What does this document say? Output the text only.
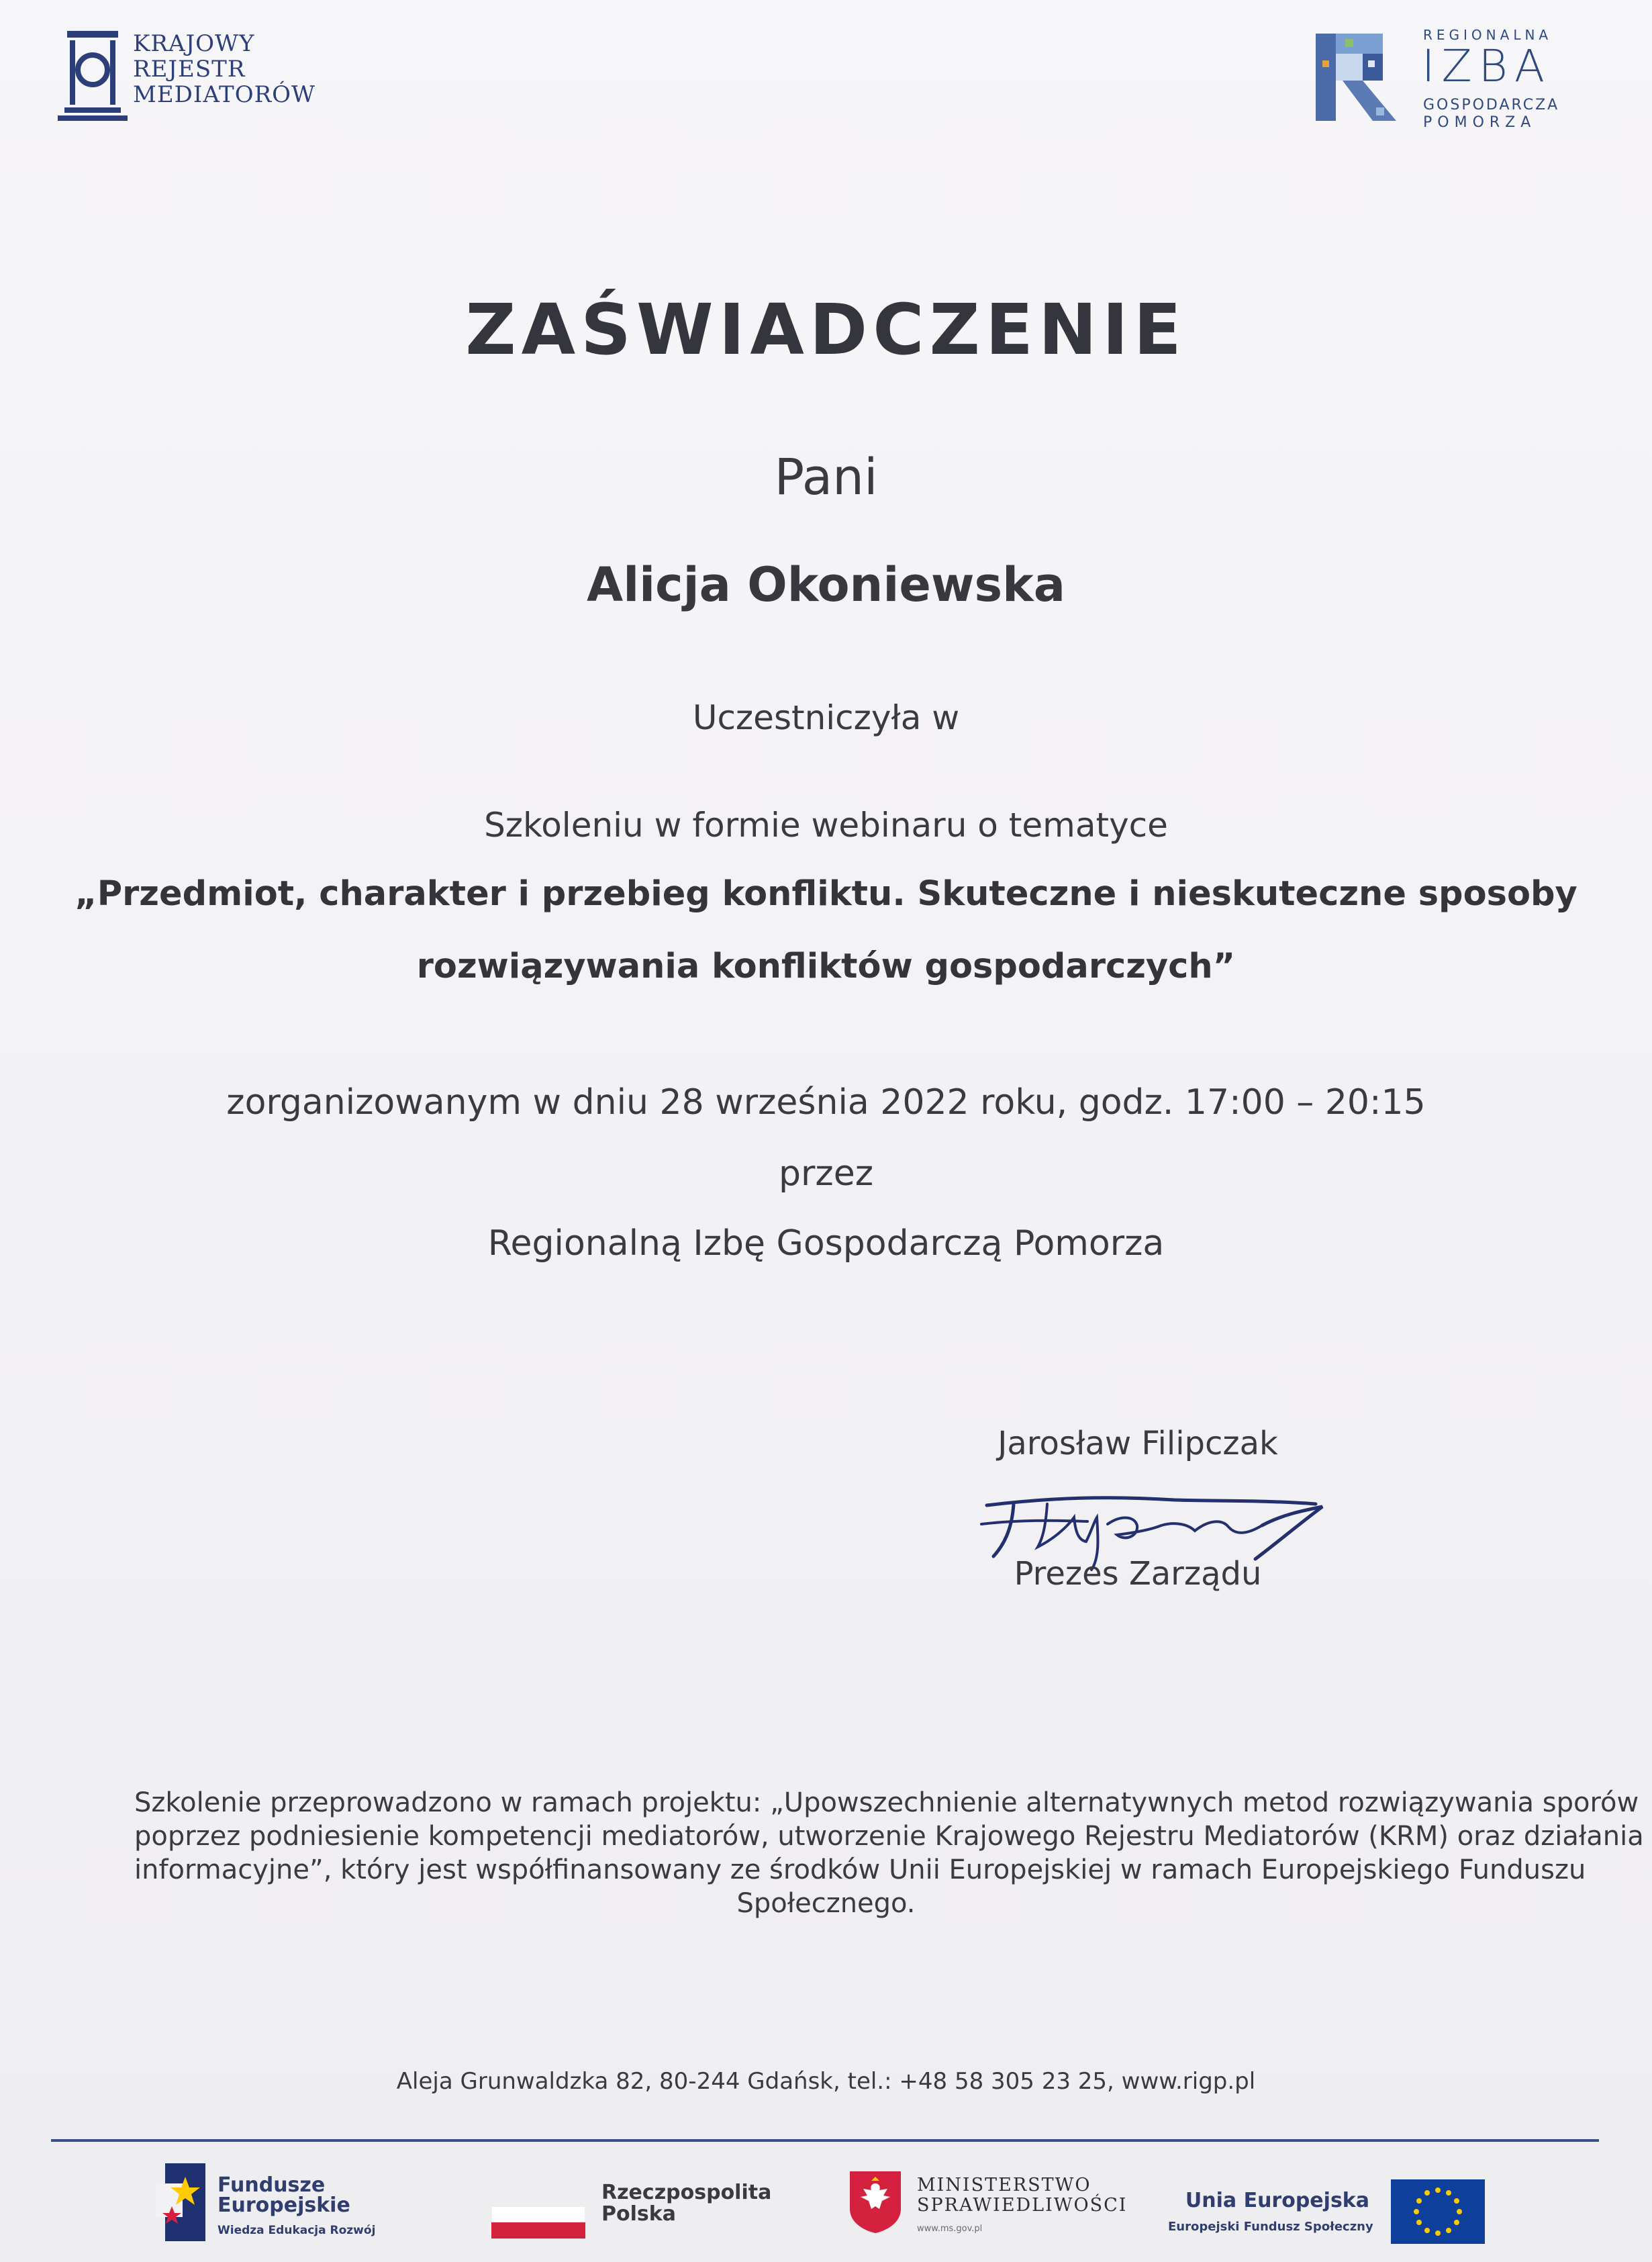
KRAJOWY
REJESTR
MEDIATORÓW
REGIONALNA
IZBA
GOSPODARCZA
POMORZA
ZAŚWIADCZENIE
Pani
Alicja Okoniewska
Uczestniczyła w
Szkoleniu w formie webinaru o tematyce
„Przedmiot, charakter i przebieg konfliktu. Skuteczne i nieskuteczne sposoby
rozwiązywania konfliktów gospodarczych”
zorganizowanym w dniu 28 września 2022 roku, godz. 17:00 – 20:15
przez
Regionalną Izbę Gospodarczą Pomorza
Jarosław Filipczak
Prezes Zarządu
Szkolenie przeprowadzono w ramach projektu: „Upowszechnienie alternatywnych metod rozwiązywania sporów
poprzez podniesienie kompetencji mediatorów, utworzenie Krajowego Rejestru Mediatorów (KRM) oraz działania
informacyjne”, który jest współfinansowany ze środków Unii Europejskiej w ramach Europejskiego Funduszu
Społecznego.
Aleja Grunwaldzka 82, 80-244 Gdańsk, tel.: +48 58 305 23 25, www.rigp.pl
Fundusze
Europejskie
Wiedza Edukacja Rozwój
Rzeczpospolita
Polska
MINISTERSTWO
SPRAWIEDLIWOŚCI
www.ms.gov.pl
Unia Europejska
Europejski Fundusz Społeczny
